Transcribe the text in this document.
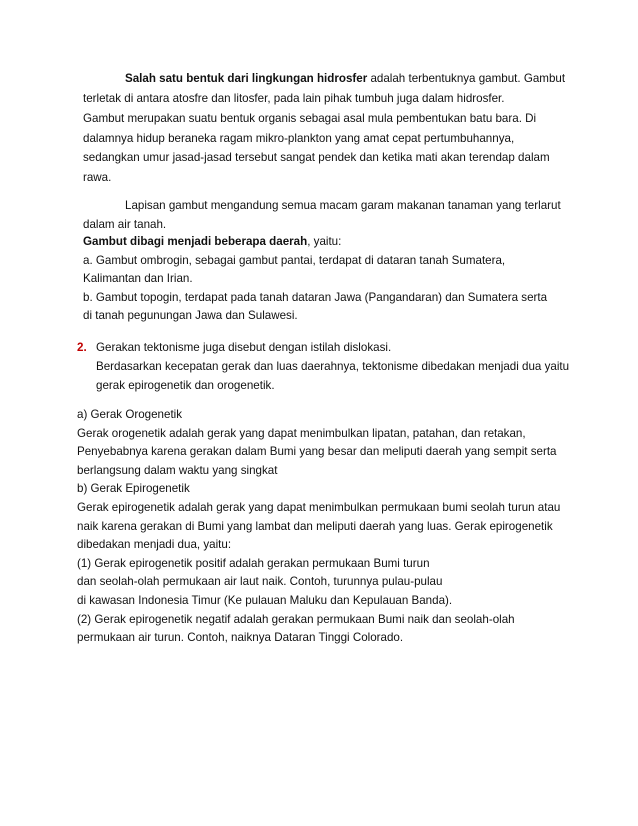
Salah satu bentuk dari lingkungan hidrosfer adalah terbentuknya gambut. Gambut
terletak di antara atosfre dan litosfer, pada lain pihak tumbuh juga dalam hidrosfer.
Gambut merupakan suatu bentuk organis sebagai asal mula pembentukan batu bara. Di
dalamnya hidup beraneka ragam mikro-plankton yang amat cepat pertumbuhannya,
sedangkan umur jasad-jasad tersebut sangat pendek dan ketika mati akan terendap dalam
rawa.
Lapisan gambut mengandung semua macam garam makanan tanaman yang terlarut
dalam air tanah.
Gambut dibagi menjadi beberapa daerah, yaitu:
a. Gambut ombrogin, sebagai gambut pantai, terdapat di dataran tanah Sumatera,
Kalimantan dan Irian.
b. Gambut topogin, terdapat pada tanah dataran Jawa (Pangandaran) dan Sumatera serta
di tanah pegunungan Jawa dan Sulawesi.
2. Gerakan tektonisme juga disebut dengan istilah dislokasi.
Berdasarkan kecepatan gerak dan luas daerahnya, tektonisme dibedakan menjadi dua yaitu
gerak epirogenetik dan orogenetik.
a) Gerak Orogenetik
Gerak orogenetik adalah gerak yang dapat menimbulkan lipatan, patahan, dan retakan,
Penyebabnya karena gerakan dalam Bumi yang besar dan meliputi daerah yang sempit serta
berlangsung dalam waktu yang singkat
b) Gerak Epirogenetik
Gerak epirogenetik adalah gerak yang dapat menimbulkan permukaan bumi seolah turun atau
naik karena gerakan di Bumi yang lambat dan meliputi daerah yang luas. Gerak epirogenetik
dibedakan menjadi dua, yaitu:
(1) Gerak epirogenetik positif adalah gerakan permukaan Bumi turun
dan seolah-olah permukaan air laut naik. Contoh, turunnya pulau-pulau
di kawasan Indonesia Timur (Ke pulauan Maluku dan Kepulauan Banda).
(2) Gerak epirogenetik negatif adalah gerakan permukaan Bumi naik dan seolah-olah
permukaan air turun. Contoh, naiknya Dataran Tinggi Colorado.
